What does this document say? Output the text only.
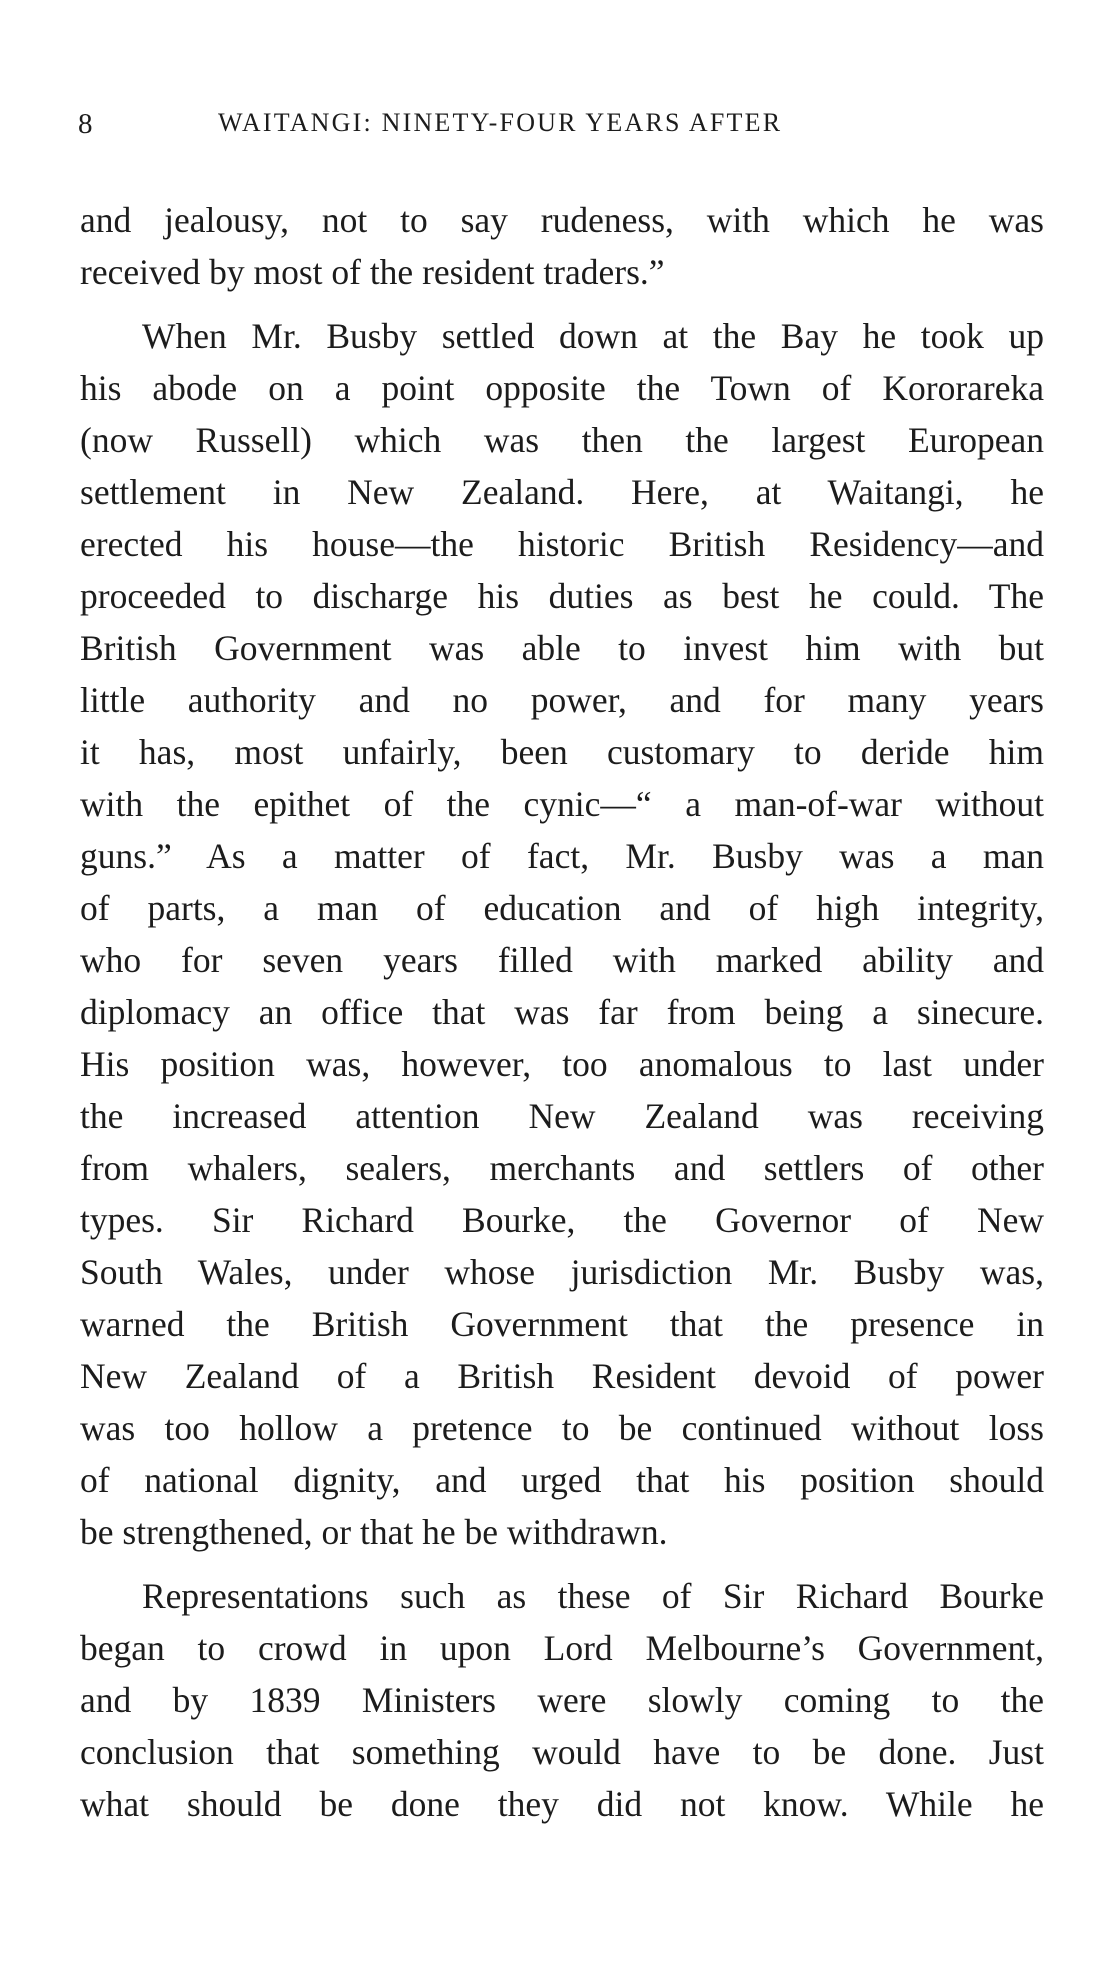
8	WAITANGI: NINETY-FOUR YEARS AFTER
and jealousy, not to say rudeness, with which he was
received by most of the resident traders.”
When Mr. Busby settled down at the Bay he took up
his abode on a point opposite the Town of Kororareka
(now Russell) which was then the largest European
settlement in New Zealand. Here, at Waitangi, he
erected his house—the historic British Residency—and
proceeded to discharge his duties as best he could. The
British Government was able to invest him with but
little authority and no power, and for many years
it has, most unfairly, been customary to deride him
with the epithet of the cynic—“ a man-of-war without
guns.” As a matter of fact, Mr. Busby was a man
of parts, a man of education and of high integrity,
who for seven years filled with marked ability and
diplomacy an office that was far from being a sinecure.
His position was, however, too anomalous to last under
the increased attention New Zealand was receiving
from whalers, sealers, merchants and settlers of other
types. Sir Richard Bourke, the Governor of New
South Wales, under whose jurisdiction Mr. Busby was,
warned the British Government that the presence in
New Zealand of a British Resident devoid of power
was too hollow a pretence to be continued without loss
of national dignity, and urged that his position should
be strengthened, or that he be withdrawn.
Representations such as these of Sir Richard Bourke
began to crowd in upon Lord Melbourne’s Government,
and by 1839 Ministers were slowly coming to the
conclusion that something would have to be done. Just
what should be done they did not know. While he
